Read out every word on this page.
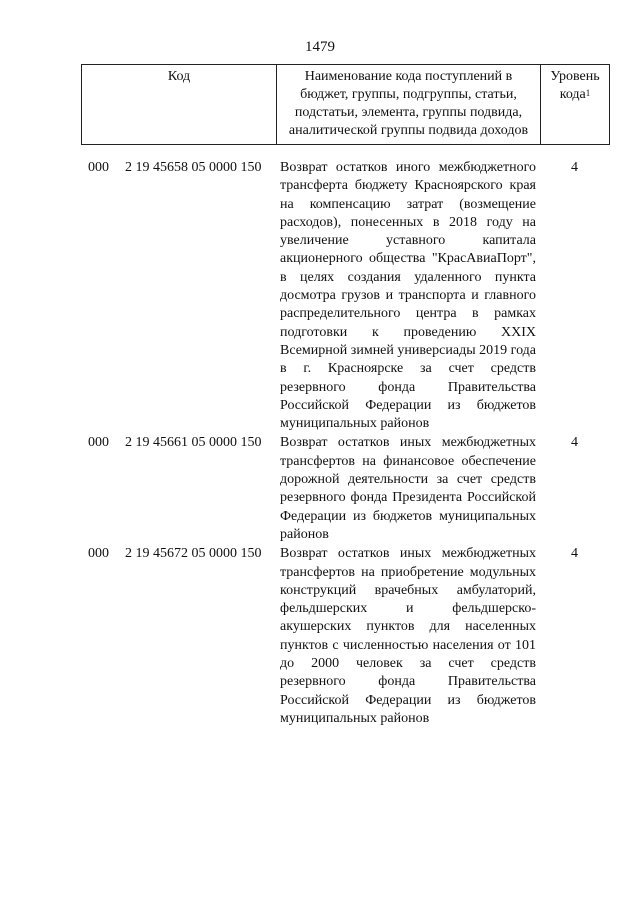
1479
Код	Наименование кода поступлений в бюджет, группы, подгруппы, статьи, подстатьи, элемента, группы подвида, аналитической группы подвида доходов	Уровень кода$^1$
000 2 19 45658 05 0000 150	Возврат остатков иного межбюджетного трансферта бюджету Красноярского края на компенсацию затрат (возмещение расходов), понесенных в 2018 году на увеличение уставного капитала акционерного общества "КрасАвиаПорт", в целях создания удаленного пункта досмотра грузов и транспорта и главного распределительного центра в рамках подготовки к проведению XXIX Всемирной зимней универсиады 2019 года в г. Красноярске за счет средств резервного фонда Правительства Российской Федерации из бюджетов муниципальных районов	4
000 2 19 45661 05 0000 150	Возврат остатков иных межбюджетных трансфертов на финансовое обеспечение дорожной деятельности за счет средств резервного фонда Президента Российской Федерации из бюджетов муниципальных районов	4
000 2 19 45672 05 0000 150	Возврат остатков иных межбюджетных трансфертов на приобретение модульных конструкций врачебных амбулаторий, фельдшерских и фельдшерско-акушерских пунктов для населенных пунктов с численностью населения от 101 до 2000 человек за счет средств резервного фонда Правительства Российской Федерации из бюджетов муниципальных районов	4
